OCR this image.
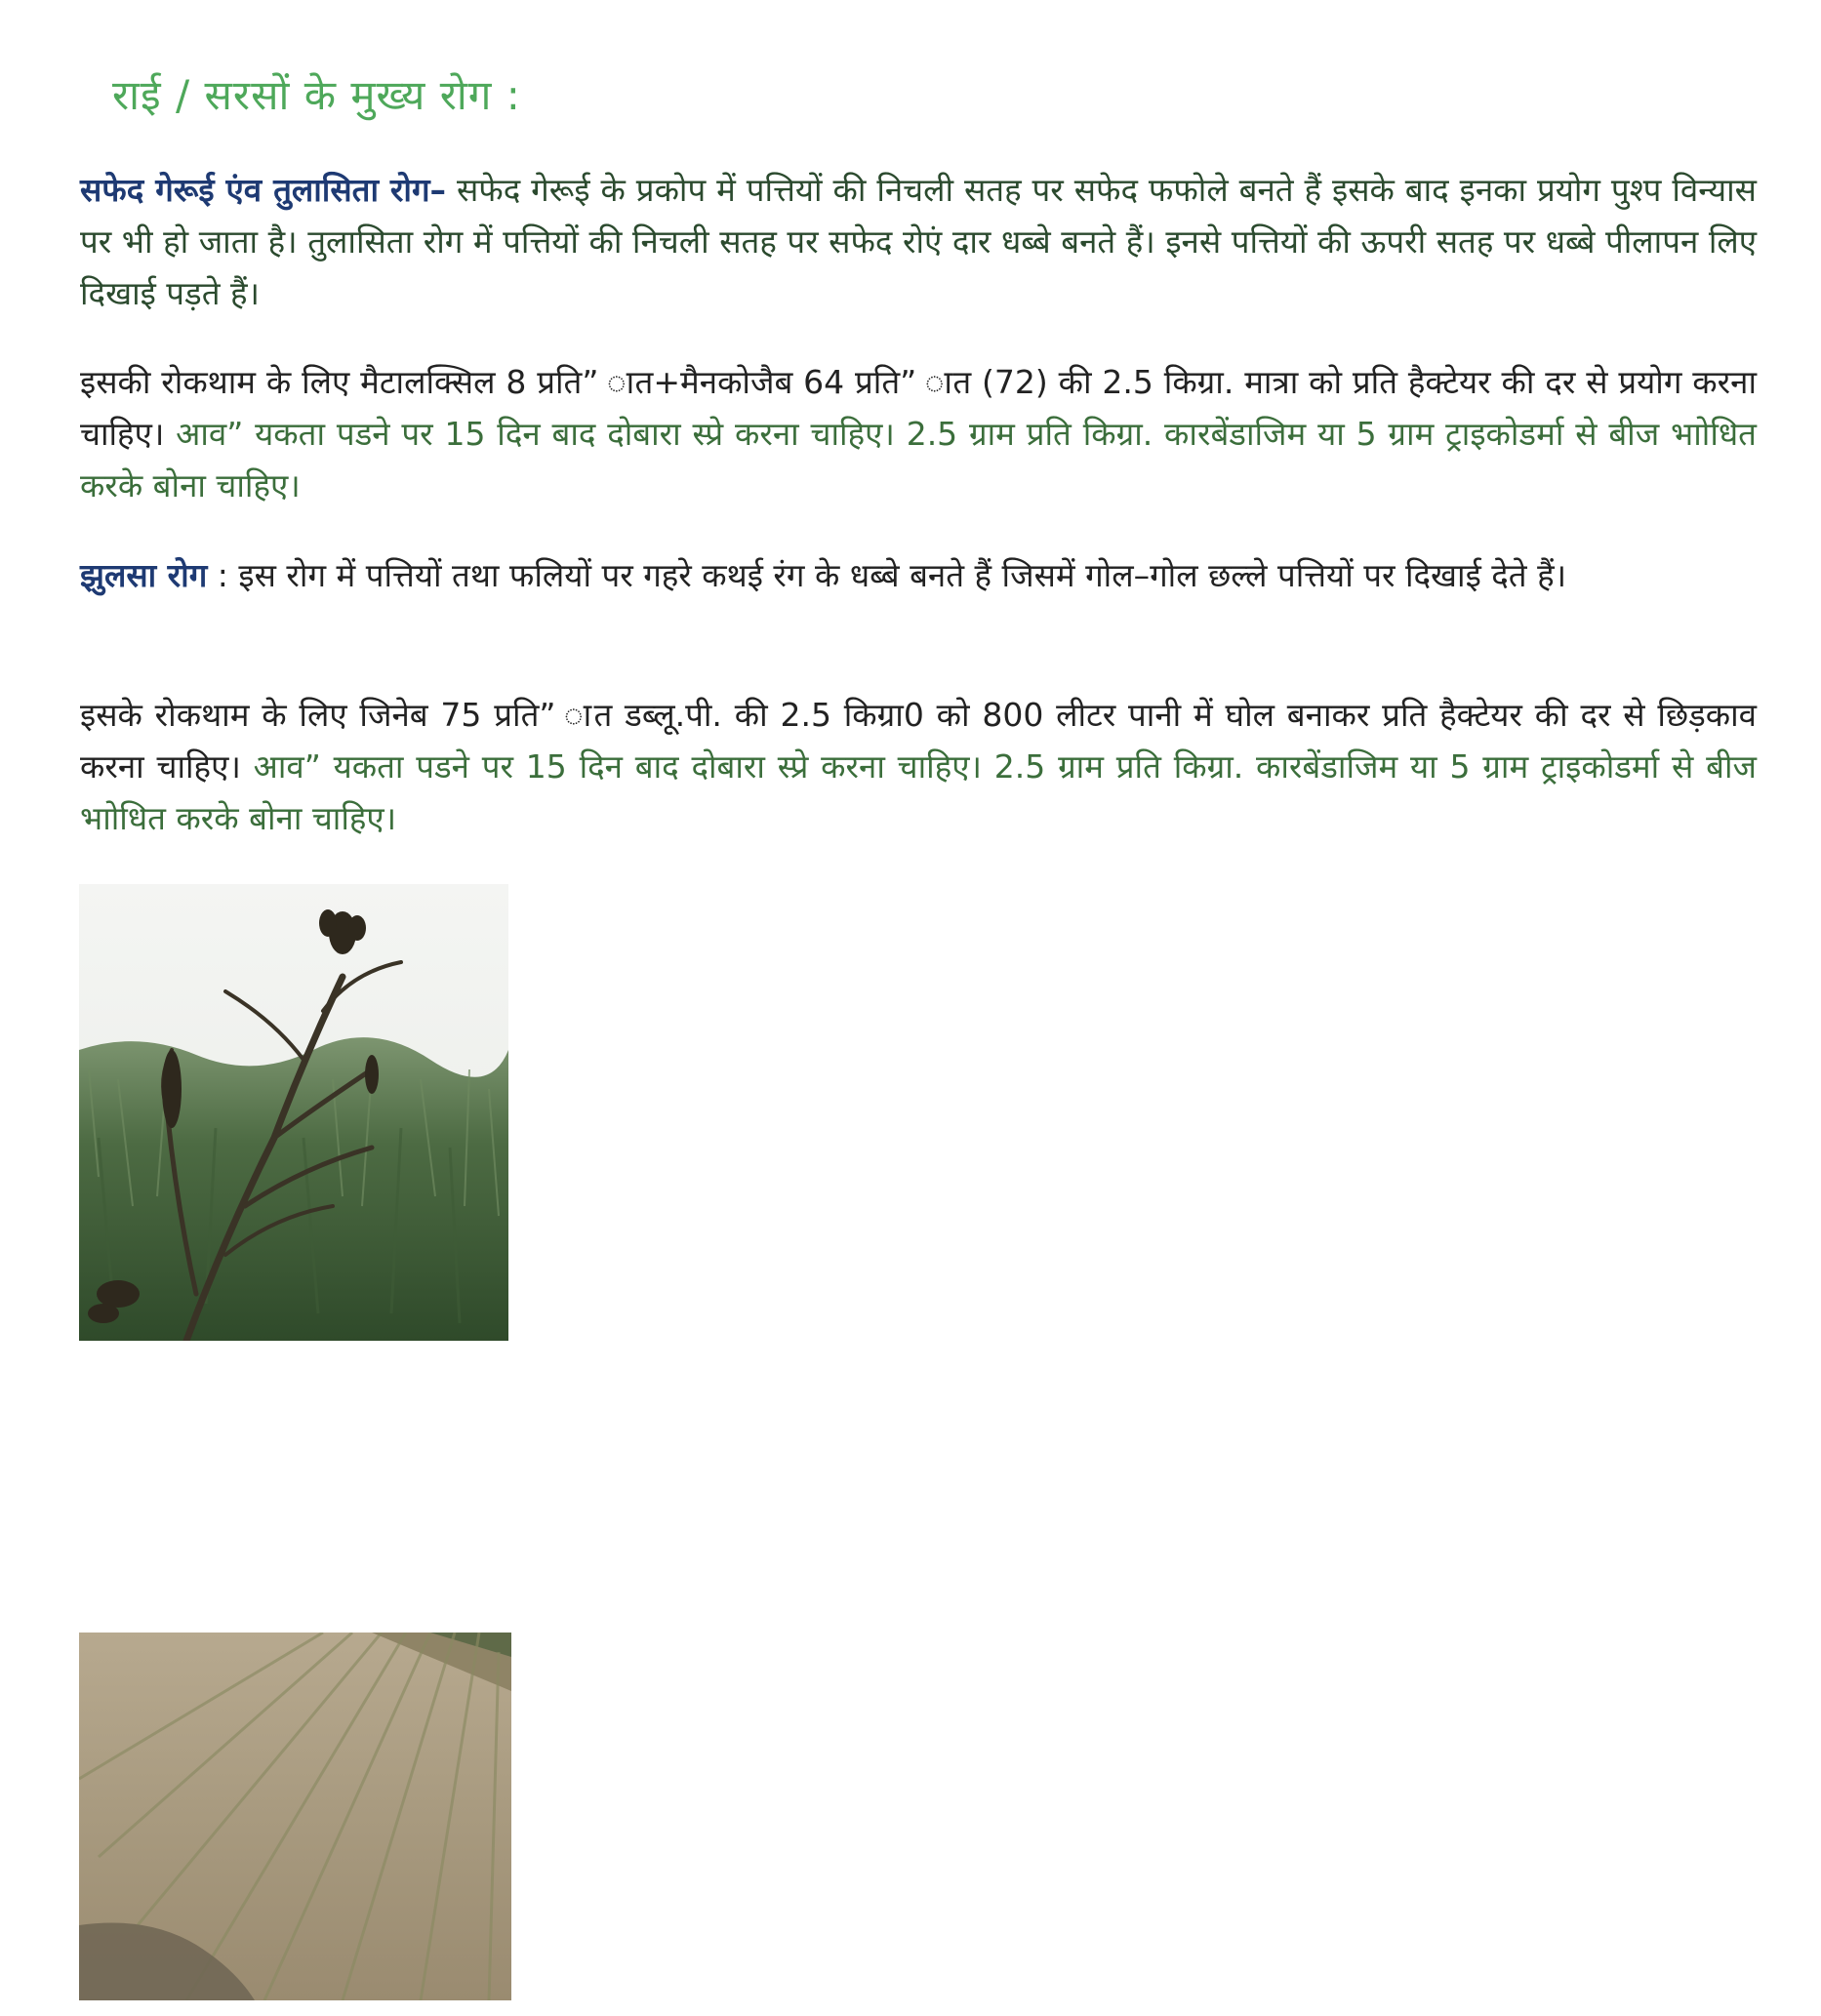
राई / सरसों के मुख्य रोग :

सफेद गेरूई एंव तुलासिता रोग– सफेद गेरूई के प्रकोप में पत्तियों की निचली सतह पर सफेद फफोले बनते हैं इसके बाद इनका प्रयोग पुश्प विन्यास पर भी हो जाता है। तुलासिता रोग में पत्तियों की निचली सतह पर सफेद रोएं दार धब्बे बनते हैं। इनसे पत्तियों की ऊपरी सतह पर धब्बे पीलापन लिए दिखाई पड़ते हैं।

इसकी रोकथाम के लिए मैटालक्सिल 8 प्रति” ात+मैनकोजैब 64 प्रति” ात (72) की 2.5 किग्रा. मात्रा को प्रति हैक्टेयर की दर से प्रयोग करना चाहिए। आव” यकता पडने पर 15 दिन बाद दोबारा स्प्रे करना चाहिए। 2.5 ग्राम प्रति किग्रा. कारबेंडाजिम या 5 ग्राम ट्राइकोडर्मा से बीज भाोधित करके बोना चाहिए।

झुलसा रोग : इस रोग में पत्तियों तथा फलियों पर गहरे कथई रंग के धब्बे बनते हैं जिसमें गोल–गोल छल्ले पत्तियों पर दिखाई देते हैं।

इसके रोकथाम के लिए जिनेब 75 प्रति” ात डब्लू.पी. की 2.5 किग्रा0 को 800 लीटर पानी में घोल बनाकर प्रति हैक्टेयर की दर से छिड़काव करना चाहिए। आव” यकता पडने पर 15 दिन बाद दोबारा स्प्रे करना चाहिए। 2.5 ग्राम प्रति किग्रा. कारबेंडाजिम या 5 ग्राम ट्राइकोडर्मा से बीज भाोधित करके बोना चाहिए।
